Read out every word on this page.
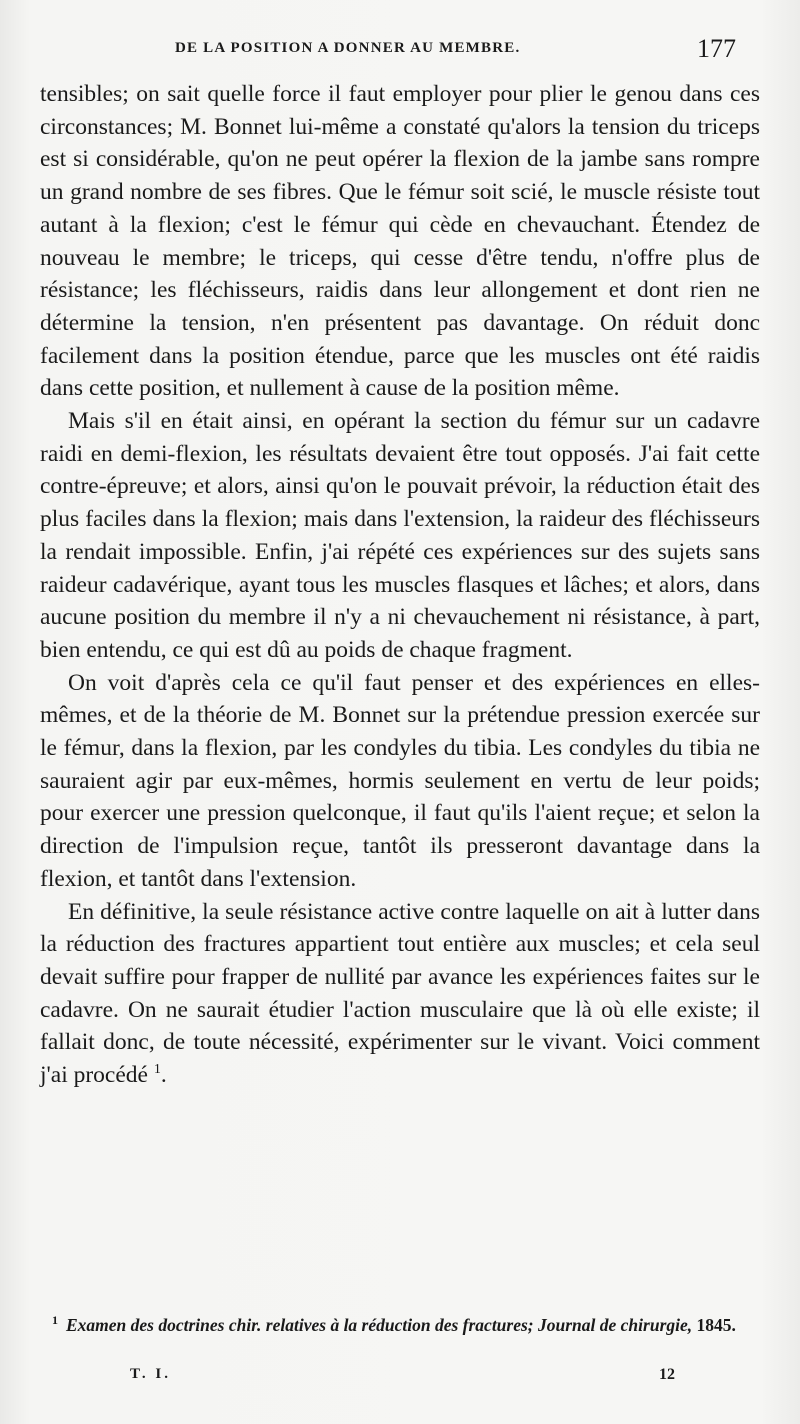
DE LA POSITION A DONNER AU MEMBRE.	177

tensibles; on sait quelle force il faut employer pour plier le genou dans ces circonstances; M. Bonnet lui-même a constaté qu'alors la tension du triceps est si considérable, qu'on ne peut opérer la flexion de la jambe sans rompre un grand nombre de ses fibres. Que le fémur soit scié, le muscle résiste tout autant à la flexion; c'est le fémur qui cède en chevauchant. Étendez de nouveau le membre; le triceps, qui cesse d'être tendu, n'offre plus de résistance; les fléchisseurs, raidis dans leur allongement et dont rien ne détermine la tension, n'en présentent pas davantage. On réduit donc facilement dans la position étendue, parce que les muscles ont été raidis dans cette position, et nullement à cause de la position même.

Mais s'il en était ainsi, en opérant la section du fémur sur un cadavre raidi en demi-flexion, les résultats devaient être tout opposés. J'ai fait cette contre-épreuve; et alors, ainsi qu'on le pouvait prévoir, la réduction était des plus faciles dans la flexion; mais dans l'extension, la raideur des fléchisseurs la rendait impossible. Enfin, j'ai répété ces expériences sur des sujets sans raideur cadavérique, ayant tous les muscles flasques et lâches; et alors, dans aucune position du membre il n'y a ni chevauchement ni résistance, à part, bien entendu, ce qui est dû au poids de chaque fragment.

On voit d'après cela ce qu'il faut penser et des expériences en elles-mêmes, et de la théorie de M. Bonnet sur la prétendue pression exercée sur le fémur, dans la flexion, par les condyles du tibia. Les condyles du tibia ne sauraient agir par eux-mêmes, hormis seulement en vertu de leur poids; pour exercer une pression quelconque, il faut qu'ils l'aient reçue; et selon la direction de l'impulsion reçue, tantôt ils presseront davantage dans la flexion, et tantôt dans l'extension.

En définitive, la seule résistance active contre laquelle on ait à lutter dans la réduction des fractures appartient tout entière aux muscles; et cela seul devait suffire pour frapper de nullité par avance les expériences faites sur le cadavre. On ne saurait étudier l'action musculaire que là où elle existe; il fallait donc, de toute nécessité, expérimenter sur le vivant. Voici comment j'ai procédé $^1$.

$^1$ Examen des doctrines chir. relatives à la réduction des fractures; Journal de chirurgie, 1845.
T. I.	12
